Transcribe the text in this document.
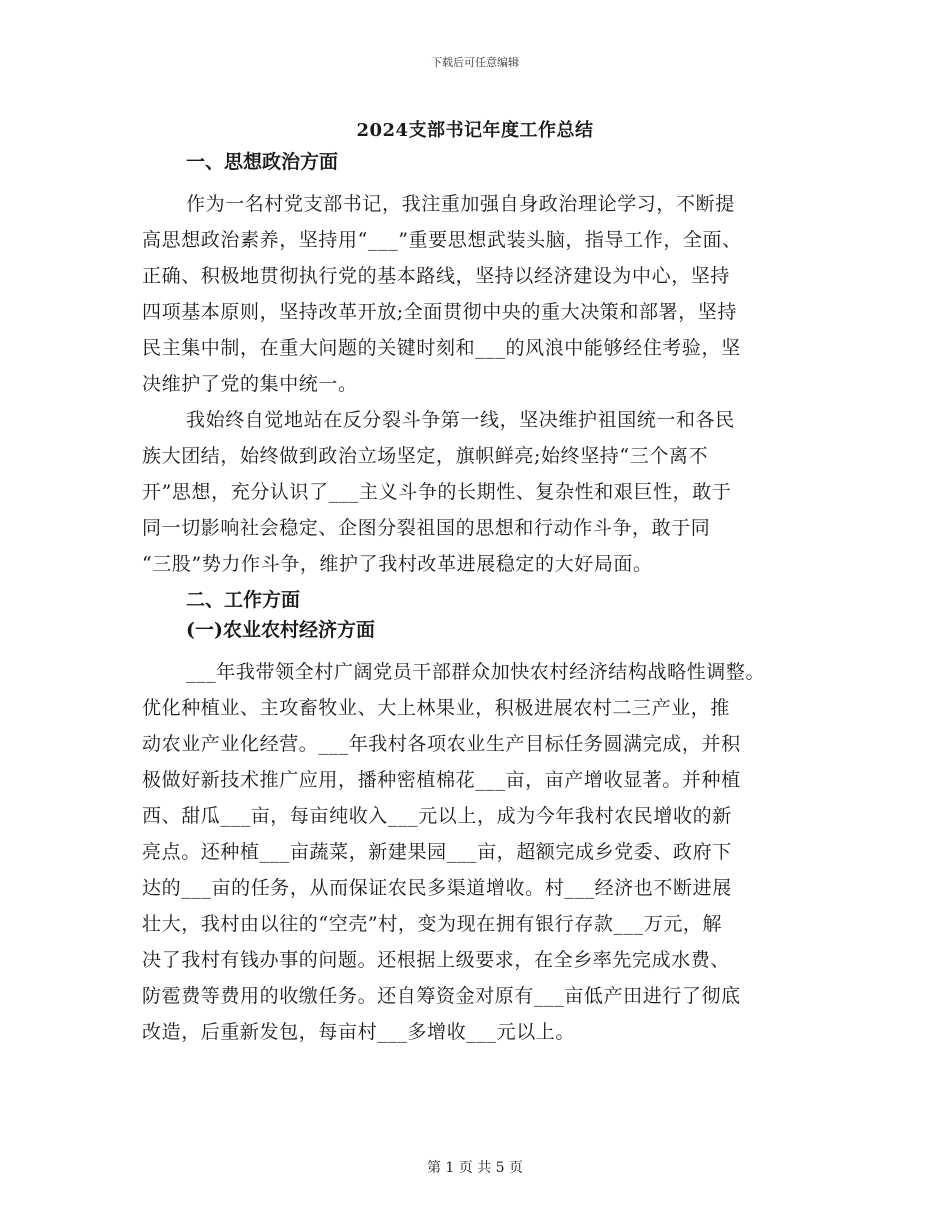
下载后可任意编辑
2024支部书记年度工作总结
一、思想政治方面
作为一名村党支部书记，我注重加强自身政治理论学习，不断提
高思想政治素养，坚持用“___”重要思想武装头脑，指导工作，全面、
正确、积极地贯彻执行党的基本路线，坚持以经济建设为中心，坚持
四项基本原则，坚持改革开放;全面贯彻中央的重大决策和部署，坚持
民主集中制，在重大问题的关键时刻和___的风浪中能够经住考验，坚
决维护了党的集中统一。
我始终自觉地站在反分裂斗争第一线，坚决维护祖国统一和各民
族大团结，始终做到政治立场坚定，旗帜鲜亮;始终坚持“三个离不
开”思想，充分认识了___主义斗争的长期性、复杂性和艰巨性，敢于
同一切影响社会稳定、企图分裂祖国的思想和行动作斗争，敢于同
“三股”势力作斗争，维护了我村改革进展稳定的大好局面。
二、工作方面
(一)农业农村经济方面
___年我带领全村广阔党员干部群众加快农村经济结构战略性调整。
优化种植业、主攻畜牧业、大上林果业，积极进展农村二三产业，推
动农业产业化经营。___年我村各项农业生产目标任务圆满完成，并积
极做好新技术推广应用，播种密植棉花___亩，亩产增收显著。并种植
西、甜瓜___亩，每亩纯收入___元以上，成为今年我村农民增收的新
亮点。还种植___亩蔬菜，新建果园___亩，超额完成乡党委、政府下
达的___亩的任务，从而保证农民多渠道增收。村___经济也不断进展
壮大，我村由以往的“空壳”村，变为现在拥有银行存款___万元，解
决了我村有钱办事的问题。还根据上级要求，在全乡率先完成水费、
防雹费等费用的收缴任务。还自筹资金对原有___亩低产田进行了彻底
改造，后重新发包，每亩村___多增收___元以上。
第 1 页 共 5 页
